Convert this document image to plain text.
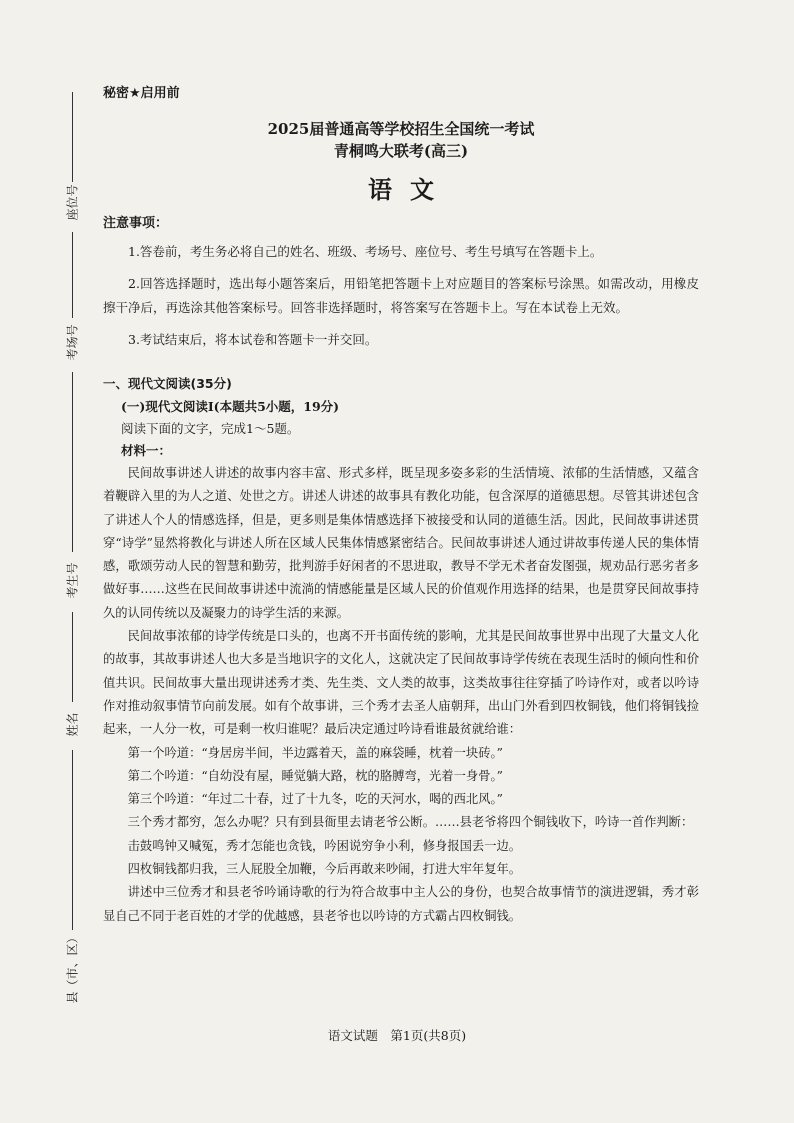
座位号
考场号
考生号
姓名
县（市、区）
秘密★启用前
2025届普通高等学校招生全国统一考试
青桐鸣大联考(高三)
语文
注意事项：
1.答卷前，考生务必将自己的姓名、班级、考场号、座位号、考生号填写在答题卡上。
2.回答选择题时，选出每小题答案后，用铅笔把答题卡上对应题目的答案标号涂黑。如需改动，用橡皮擦干净后，再选涂其他答案标号。回答非选择题时，将答案写在答题卡上。写在本试卷上无效。
3.考试结束后，将本试卷和答题卡一并交回。
一、现代文阅读(35分)
(一)现代文阅读Ⅰ(本题共5小题，19分)
阅读下面的文字，完成1～5题。
材料一：
民间故事讲述人讲述的故事内容丰富、形式多样，既呈现多姿多彩的生活情境、浓郁的生活情感，又蕴含着鞭辟入里的为人之道、处世之方。讲述人讲述的故事具有教化功能，包含深厚的道德思想。尽管其讲述包含了讲述人个人的情感选择，但是，更多则是集体情感选择下被接受和认同的道德生活。因此，民间故事讲述贯穿“诗学”显然将教化与讲述人所在区域人民集体情感紧密结合。民间故事讲述人通过讲故事传递人民的集体情感，歌颂劳动人民的智慧和勤劳，批判游手好闲者的不思进取，教导不学无术者奋发图强，规劝品行恶劣者多做好事……这些在民间故事讲述中流淌的情感能量是区域人民的价值观作用选择的结果，也是贯穿民间故事持久的认同传统以及凝聚力的诗学生活的来源。
民间故事浓郁的诗学传统是口头的，也离不开书面传统的影响，尤其是民间故事世界中出现了大量文人化的故事，其故事讲述人也大多是当地识字的文化人，这就决定了民间故事诗学传统在表现生活时的倾向性和价值共识。民间故事大量出现讲述秀才类、先生类、文人类的故事，这类故事往往穿插了吟诗作对，或者以吟诗作对推动叙事情节向前发展。如有个故事讲，三个秀才去圣人庙朝拜，出山门外看到四枚铜钱，他们将铜钱捡起来，一人分一枚，可是剩一枚归谁呢？最后决定通过吟诗看谁最贫就给谁：
第一个吟道：“身居房半间，半边露着天，盖的麻袋睡，枕着一块砖。”
第二个吟道：“自幼没有屋，睡觉躺大路，枕的胳膊弯，光着一身骨。”
第三个吟道：“年过二十春，过了十九冬，吃的天河水，喝的西北风。”
三个秀才都穷，怎么办呢？只有到县衙里去请老爷公断。……县老爷将四个铜钱收下，吟诗一首作判断：
击鼓鸣钟又喊冤，秀才怎能也贪钱，吟困说穷争小利，修身报国丢一边。
四枚铜钱都归我，三人屁股全加鞭，今后再敢来吵闹，打进大牢年复年。
讲述中三位秀才和县老爷吟诵诗歌的行为符合故事中主人公的身份，也契合故事情节的演进逻辑，秀才彰显自己不同于老百姓的才学的优越感，县老爷也以吟诗的方式霸占四枚铜钱。
语文试题　第1页(共8页)
